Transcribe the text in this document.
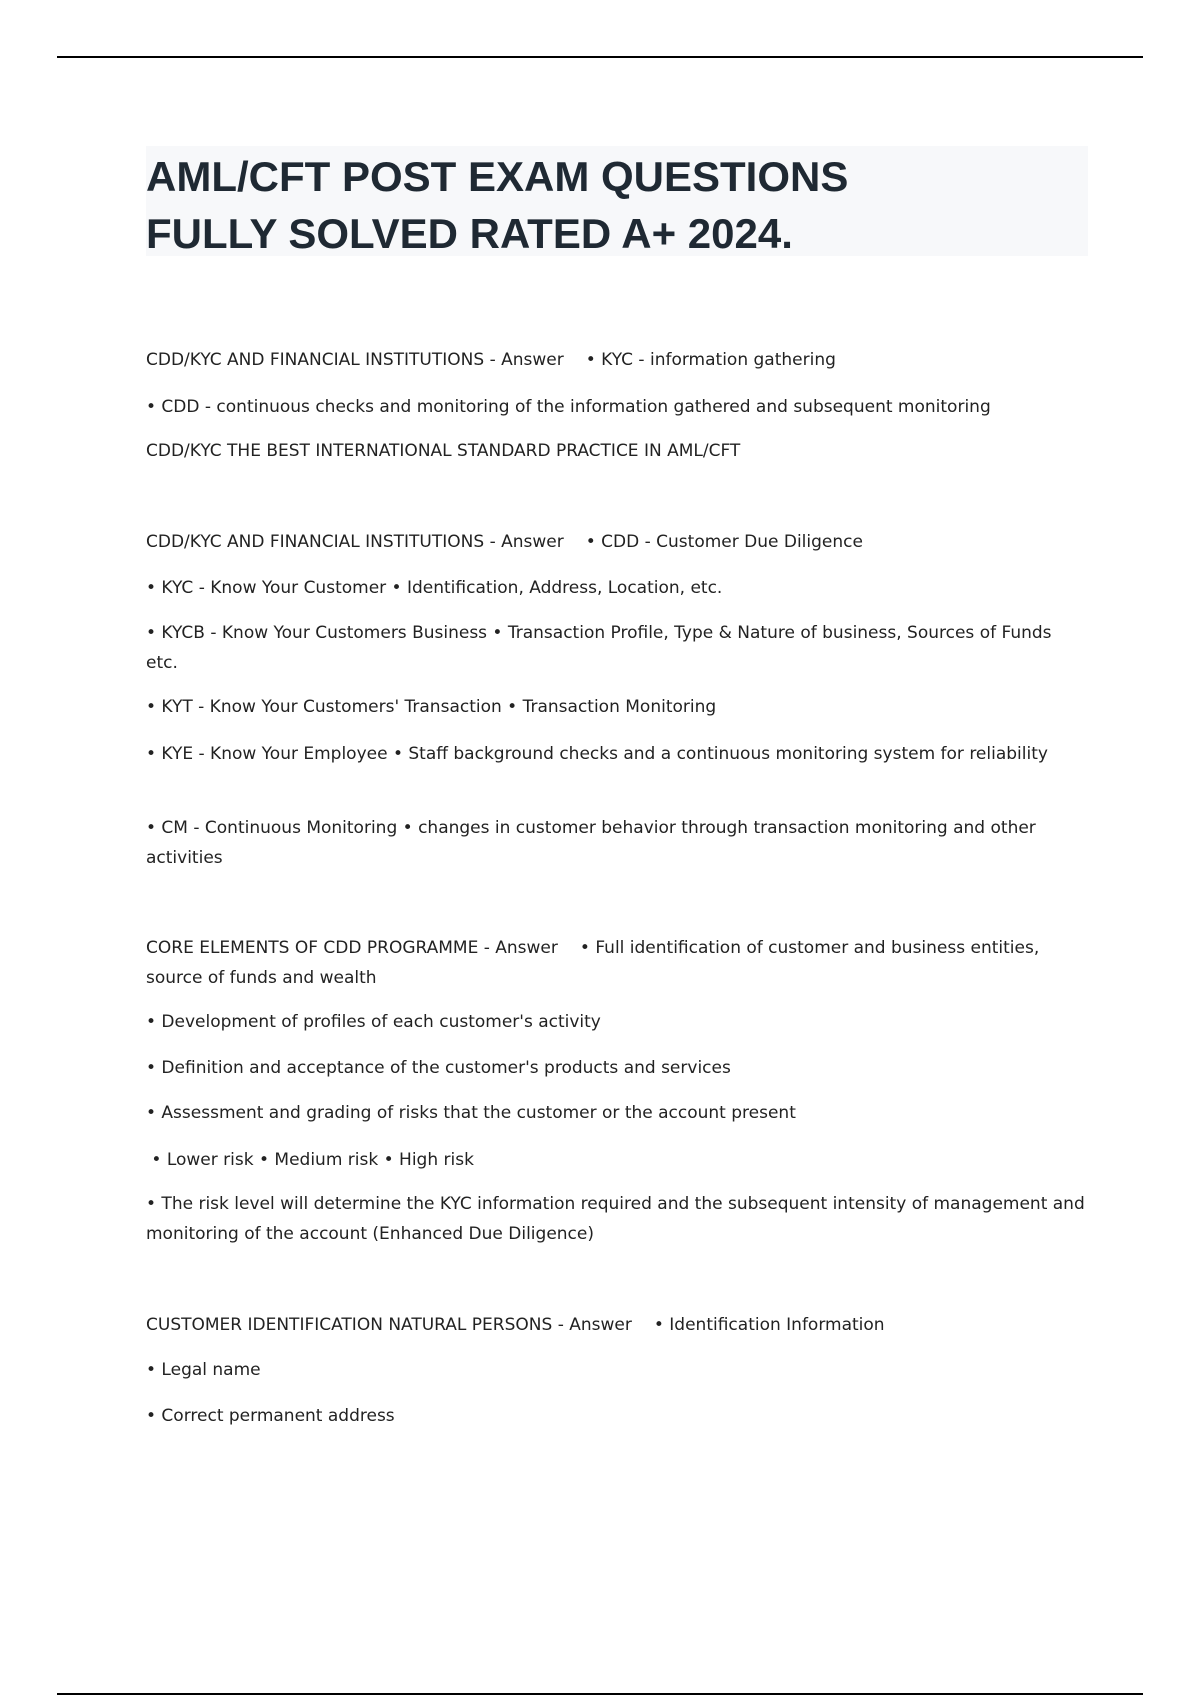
AML/CFT POST EXAM QUESTIONS
FULLY SOLVED RATED A+ 2024.

CDD/KYC AND FINANCIAL INSTITUTIONS - Answer • KYC - information gathering

• CDD - continuous checks and monitoring of the information gathered and subsequent monitoring

CDD/KYC THE BEST INTERNATIONAL STANDARD PRACTICE IN AML/CFT

CDD/KYC AND FINANCIAL INSTITUTIONS - Answer • CDD - Customer Due Diligence

• KYC - Know Your Customer • Identification, Address, Location, etc.

• KYCB - Know Your Customers Business • Transaction Profile, Type & Nature of business, Sources of Funds etc.

• KYT - Know Your Customers' Transaction • Transaction Monitoring

• KYE - Know Your Employee • Staff background checks and a continuous monitoring system for reliability

• CM - Continuous Monitoring • changes in customer behavior through transaction monitoring and other activities

CORE ELEMENTS OF CDD PROGRAMME - Answer • Full identification of customer and business entities, source of funds and wealth

• Development of profiles of each customer's activity

• Definition and acceptance of the customer's products and services

• Assessment and grading of risks that the customer or the account present

• Lower risk • Medium risk • High risk

• The risk level will determine the KYC information required and the subsequent intensity of management and monitoring of the account (Enhanced Due Diligence)

CUSTOMER IDENTIFICATION NATURAL PERSONS - Answer • Identification Information

• Legal name

• Correct permanent address
